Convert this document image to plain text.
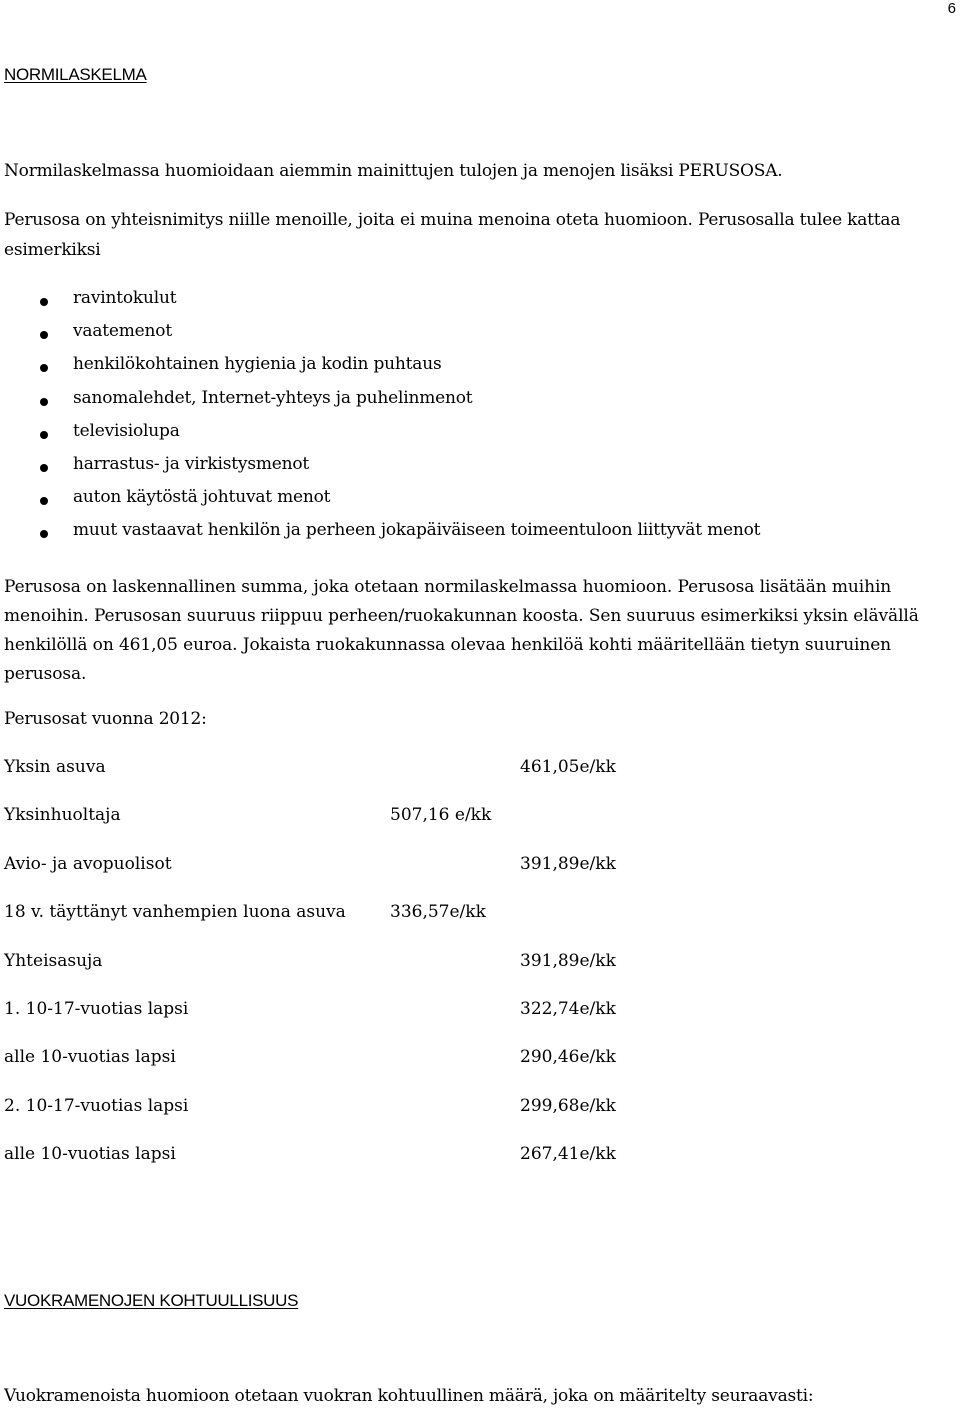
6
NORMILASKELMA
Normilaskelmassa huomioidaan aiemmin mainittujen tulojen ja menojen lisäksi PERUSOSA.
Perusosa on yhteisnimitys niille menoille, joita ei muina menoina oteta huomioon. Perusosalla tulee kattaa
esimerkiksi
ravintokulut
vaatemenot
henkilökohtainen hygienia ja kodin puhtaus
sanomalehdet, Internet-yhteys ja puhelinmenot
televisiolupa
harrastus- ja virkistysmenot
auton käytöstä johtuvat menot
muut vastaavat henkilön ja perheen jokapäiväiseen toimeentuloon liittyvät menot

Perusosa on laskennallinen summa, joka otetaan normilaskelmassa huomioon. Perusosa lisätään muihin menoihin. Perusosan suuruus riippuu perheen/ruokakunnan koosta. Sen suuruus esimerkiksi yksin elävällä henkilöllä on 461,05 euroa. Jokaista ruokakunnassa olevaa henkilöä kohti määritellään tietyn suuruinen perusosa.

Perusosat vuonna 2012:
Yksin asuva	461,05e/kk
Yksinhuoltaja	507,16 e/kk
Avio- ja avopuolisot	391,89e/kk
18 v. täyttänyt vanhempien luona asuva	336,57e/kk
Yhteisasuja	391,89e/kk
1. 10-17-vuotias lapsi	322,74e/kk
alle 10-vuotias lapsi	290,46e/kk
2. 10-17-vuotias lapsi	299,68e/kk
alle 10-vuotias lapsi	267,41e/kk
VUOKRAMENOJEN KOHTUULLISUUS
Vuokramenoista huomioon otetaan vuokran kohtuullinen määrä, joka on määritelty seuraavasti:
